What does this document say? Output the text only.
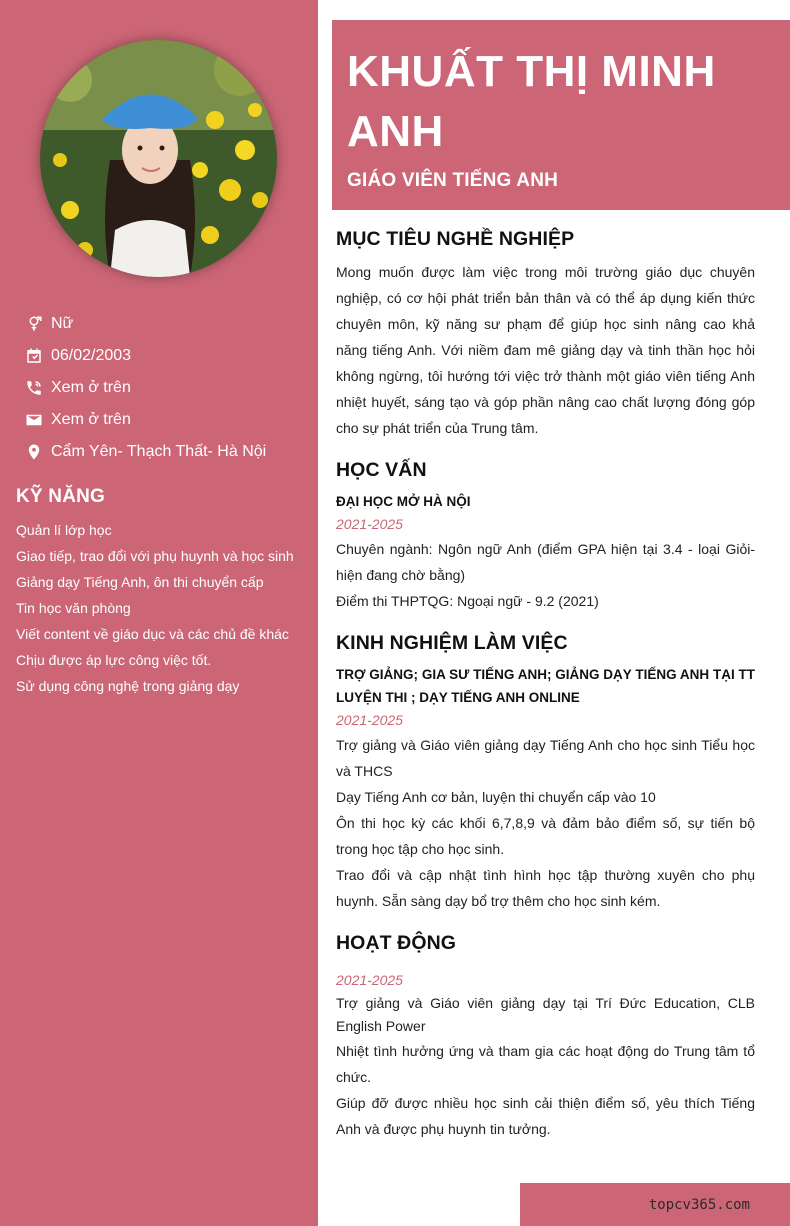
Nữ
06/02/2003
Xem ở trên
Xem ở trên
Cẩm Yên- Thạch Thất- Hà Nội
KỸ NĂNG
Quản lí lớp học
Giao tiếp, trao đổi với phụ huynh và học sinh
Giảng dạy Tiếng Anh, ôn thi chuyển cấp
Tin học văn phòng
Viết content về giáo dục và các chủ đề khác
Chịu được áp lực công việc tốt.
Sử dụng công nghệ trong giảng dạy
KHUẤT THỊ MINH ANH
GIÁO VIÊN TIẾNG ANH
MỤC TIÊU NGHỀ NGHIỆP

Mong muốn được làm việc trong môi trường giáo dục chuyên nghiệp, có cơ hội phát triển bản thân và có thể áp dụng kiến thức chuyên môn, kỹ năng sư phạm để giúp học sinh nâng cao khả năng tiếng Anh. Với niềm đam mê giảng dạy và tinh thần học hỏi không ngừng, tôi hướng tới việc trở thành một giáo viên tiếng Anh nhiệt huyết, sáng tạo và góp phần nâng cao chất lượng đóng góp cho sự phát triển của Trung tâm.

HỌC VẤN
ĐẠI HỌC MỞ HÀ NỘI
2021-2025

Chuyên ngành: Ngôn ngữ Anh (điểm GPA hiện tại 3.4 - loại Giỏi- hiện đang chờ bằng)

Điểm thi THPTQG: Ngoại ngữ - 9.2 (2021)

KINH NGHIỆM LÀM VIỆC
TRỢ GIẢNG; GIA SƯ TIẾNG ANH; GIẢNG DẠY TIẾNG ANH TẠI TT LUYỆN THI ; DẠY TIẾNG ANH ONLINE
2021-2025

Trợ giảng và Giáo viên giảng dạy Tiếng Anh cho học sinh Tiểu học và THCS

Dạy Tiếng Anh cơ bản, luyện thi chuyển cấp vào 10

Ôn thi học kỳ các khối 6,7,8,9 và đảm bảo điểm số, sự tiến bộ trong học tập cho học sinh.

Trao đổi và cập nhật tình hình học tập thường xuyên cho phụ huynh. Sẵn sàng dạy bổ trợ thêm cho học sinh kém.

HOẠT ĐỘNG
2021-2025

Trợ giảng và Giáo viên giảng dạy tại Trí Đức Education, CLB English Power

Nhiệt tình hưởng ứng và tham gia các hoạt động do Trung tâm tổ chức.

Giúp đỡ được nhiều học sinh cải thiện điểm số, yêu thích Tiếng Anh và được phụ huynh tin tưởng.

topcv365.com
